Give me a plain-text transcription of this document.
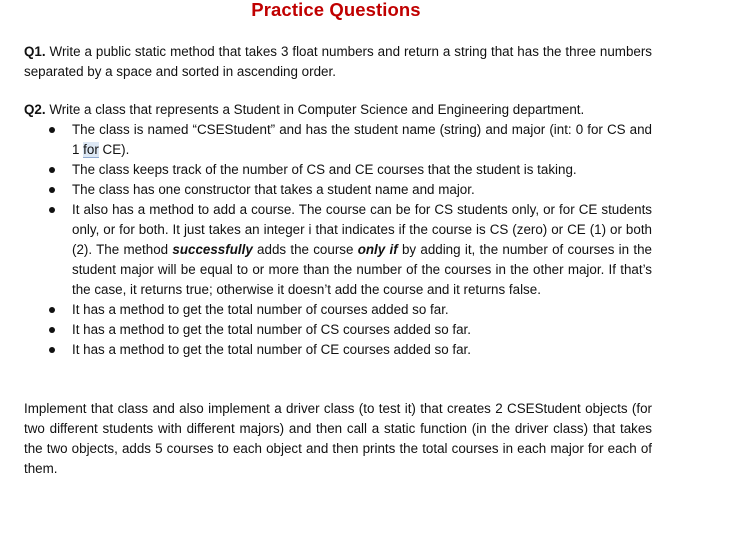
Practice Questions
Q1. Write a public static method that takes 3 float numbers and return a string that has the three numbers separated by a space and sorted in ascending order.
Q2. Write a class that represents a Student in Computer Science and Engineering department.
The class is named “CSEStudent” and has the student name (string) and major (int: 0 for CS and 1 for CE).
The class keeps track of the number of CS and CE courses that the student is taking.
The class has one constructor that takes a student name and major.
It also has a method to add a course. The course can be for CS students only, or for CE students only, or for both. It just takes an integer i that indicates if the course is CS (zero) or CE (1) or both (2). The method successfully adds the course only if by adding it, the number of courses in the student major will be equal to or more than the number of the courses in the other major. If that’s the case, it returns true; otherwise it doesn’t add the course and it returns false.
It has a method to get the total number of courses added so far.
It has a method to get the total number of CS courses added so far.
It has a method to get the total number of CE courses added so far.
Implement that class and also implement a driver class (to test it) that creates 2 CSEStudent objects (for two different students with different majors) and then call a static function (in the driver class) that takes the two objects, adds 5 courses to each object and then prints the total courses in each major for each of them.
